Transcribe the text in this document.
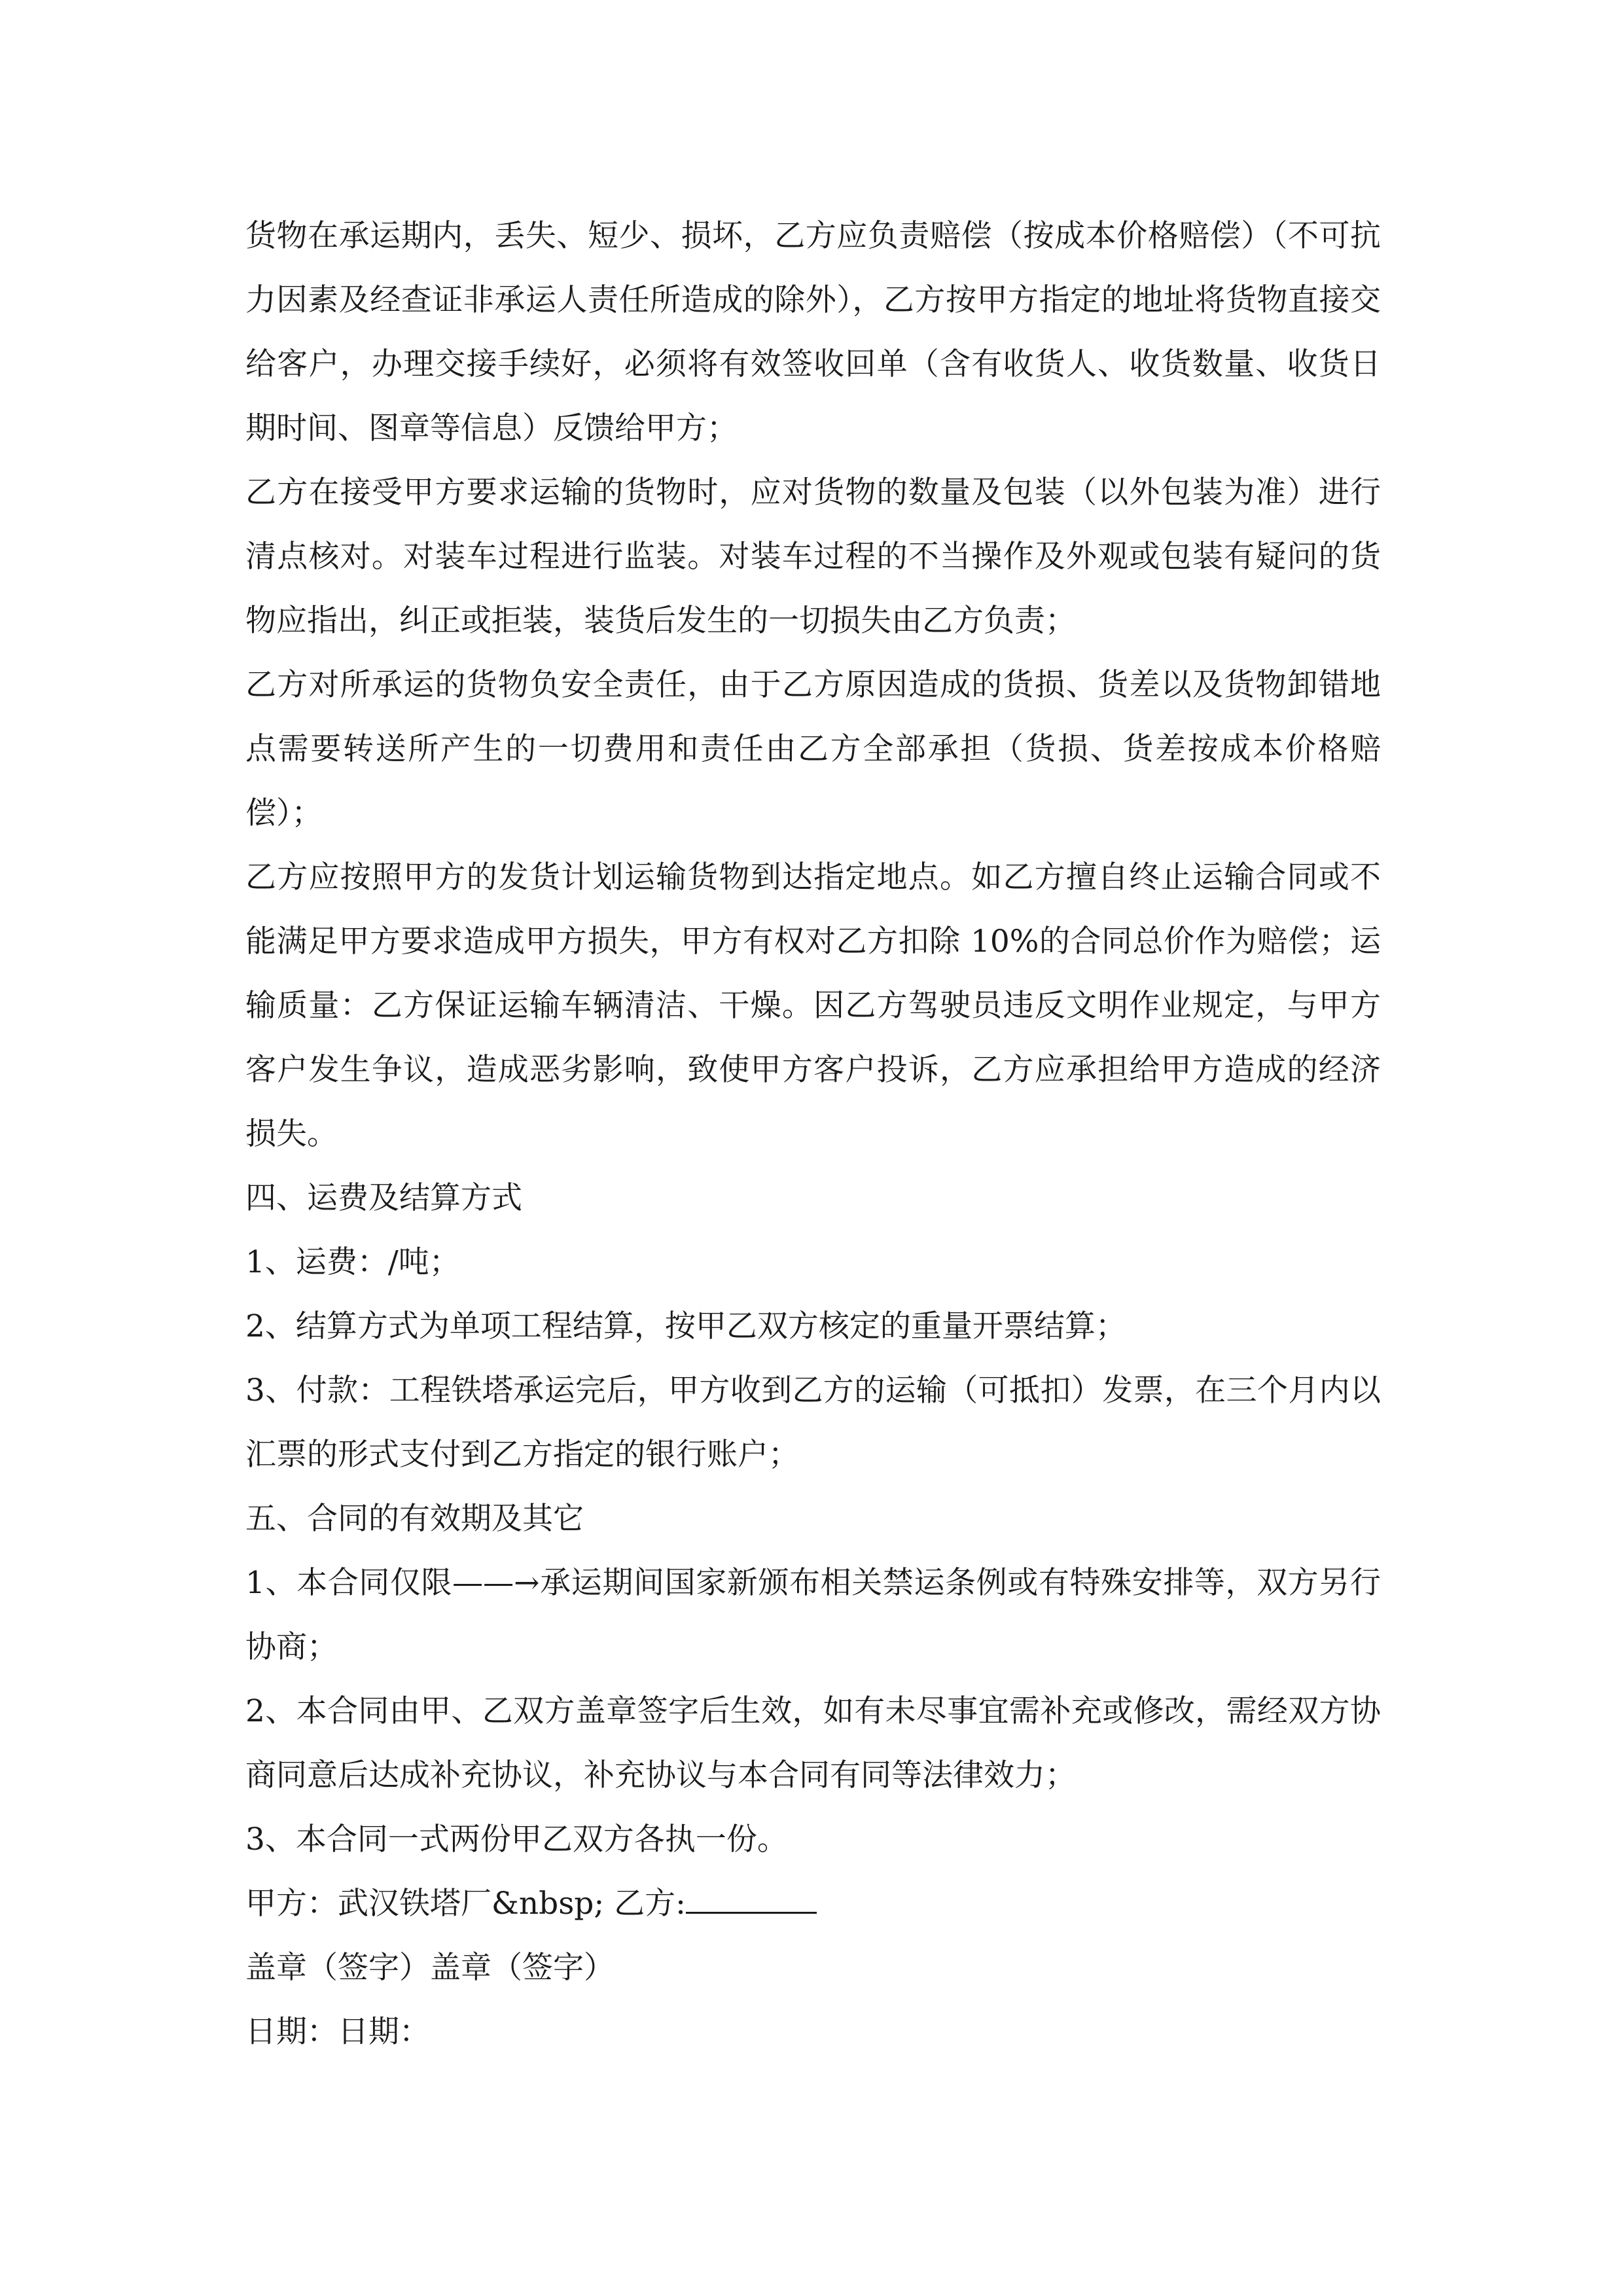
货物在承运期内，丢失、短少、损坏，乙方应负责赔偿（按成本价格赔偿）（不可抗力因素及经查证非承运人责任所造成的除外），乙方按甲方指定的地址将货物直接交给客户，办理交接手续好，必须将有效签收回单（含有收货人、收货数量、收货日期时间、图章等信息）反馈给甲方；

乙方在接受甲方要求运输的货物时，应对货物的数量及包装（以外包装为准）进行清点核对。对装车过程进行监装。对装车过程的不当操作及外观或包装有疑问的货物应指出，纠正或拒装，装货后发生的一切损失由乙方负责；

乙方对所承运的货物负安全责任，由于乙方原因造成的货损、货差以及货物卸错地点需要转送所产生的一切费用和责任由乙方全部承担（货损、货差按成本价格赔偿）；

乙方应按照甲方的发货计划运输货物到达指定地点。如乙方擅自终止运输合同或不能满足甲方要求造成甲方损失，甲方有权对乙方扣除 10%的合同总价作为赔偿；运输质量：乙方保证运输车辆清洁、干燥。因乙方驾驶员违反文明作业规定，与甲方客户发生争议，造成恶劣影响，致使甲方客户投诉，乙方应承担给甲方造成的经济损失。

四、运费及结算方式

1、运费：/吨；

2、结算方式为单项工程结算，按甲乙双方核定的重量开票结算；

3、付款：工程铁塔承运完后，甲方收到乙方的运输（可抵扣）发票，在三个月内以汇票的形式支付到乙方指定的银行账户；

五、合同的有效期及其它

1、本合同仅限——→承运期间国家新颁布相关禁运条例或有特殊安排等，双方另行协商；

2、本合同由甲、乙双方盖章签字后生效，如有未尽事宜需补充或修改，需经双方协商同意后达成补充协议，补充协议与本合同有同等法律效力；

3、本合同一式两份甲乙双方各执一份。

甲方：武汉铁塔厂&nbsp; 乙方:

盖章（签字）盖章（签字）

日期：日期：
